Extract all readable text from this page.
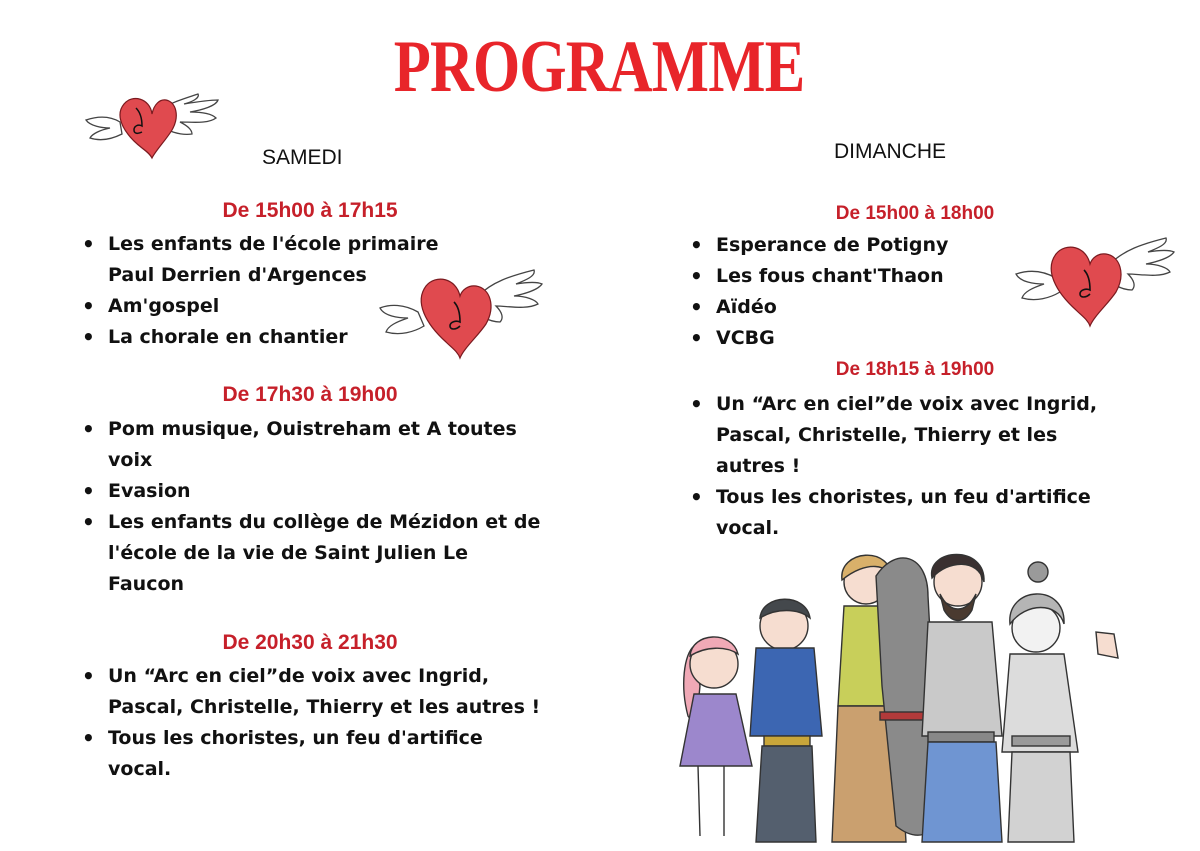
PROGRAMME
SAMEDI	DIMANCHE
De 15h00 à 17h15
• Les enfants de l'école primaire Paul Derrien d'Argences
• Am'gospel
• La chorale en chantier
De 17h30 à 19h00
• Pom musique, Ouistreham et A toutes voix
• Evasion
• Les enfants du collège de Mézidon et de l'école de la vie de Saint Julien Le Faucon
De 20h30 à 21h30
• Un “Arc en ciel”de voix avec Ingrid, Pascal, Christelle, Thierry et les autres !
• Tous les choristes, un feu d'artifice vocal.
De 15h00 à 18h00
• Esperance de Potigny
• Les fous chant'Thaon
• Aïdéo
• VCBG
De 18h15 à 19h00
• Un “Arc en ciel”de voix avec Ingrid, Pascal, Christelle, Thierry et les autres !
• Tous les choristes, un feu d'artifice vocal.
